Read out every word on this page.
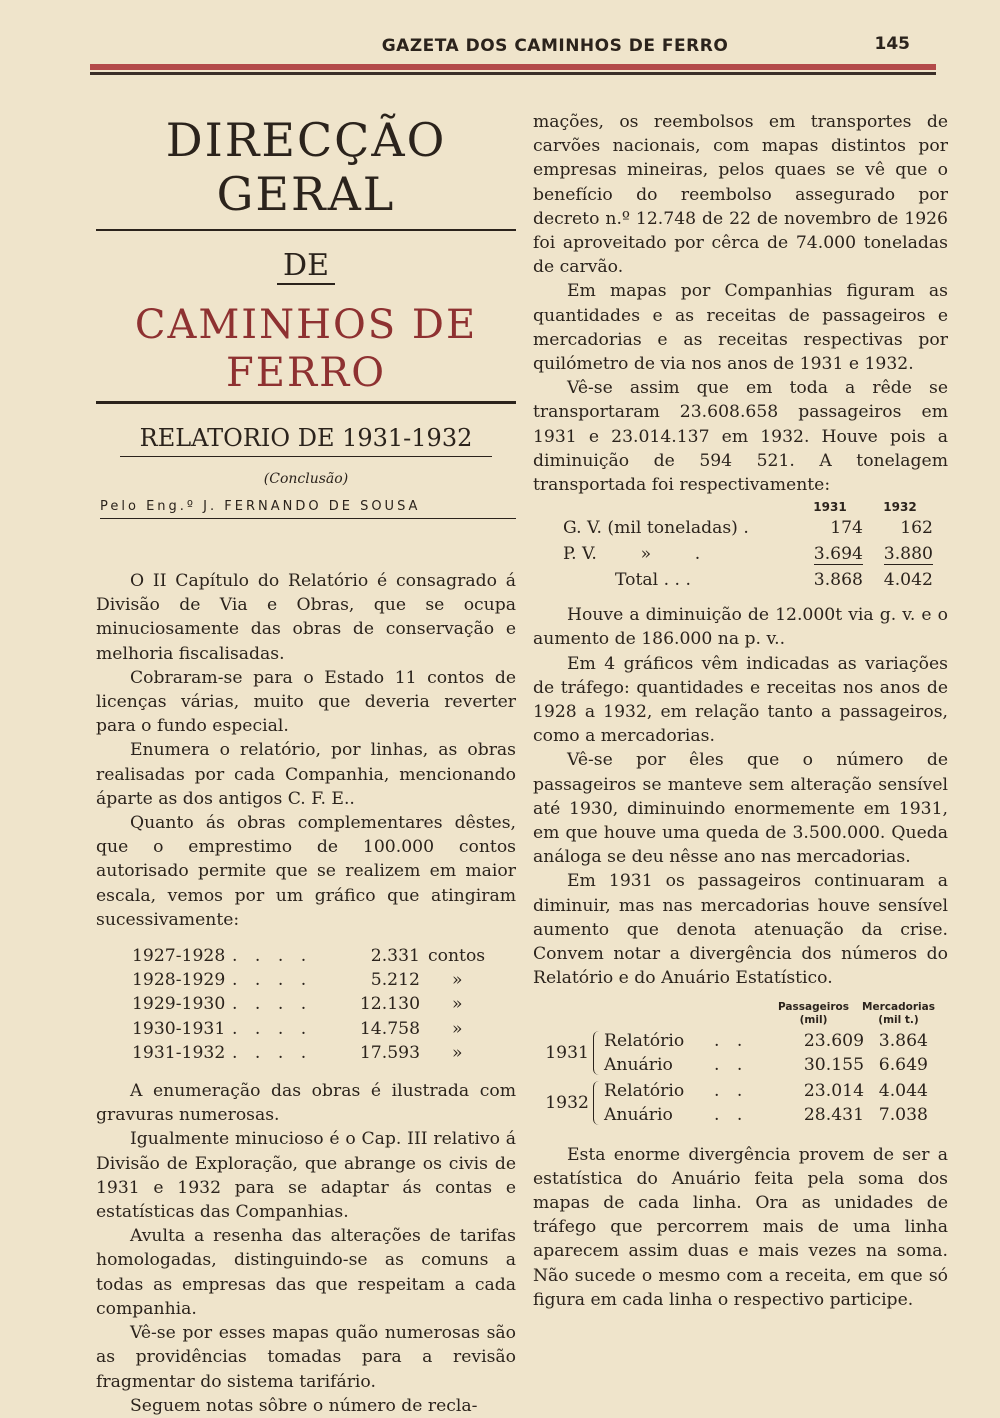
GAZETA DOS CAMINHOS DE FERRO	145
DIRECÇÃO GERAL
DE
CAMINHOS DE FERRO
RELATORIO DE 1931-1932
(Conclusão)
Pelo Eng.º J. FERNANDO DE SOUSA

O II Capítulo do Relatório é consagrado á Divisão de Via e Obras, que se ocupa minuciosamente das obras de conservação e melhoria fiscalisadas.

Cobraram-se para o Estado 11 contos de licenças várias, muito que deveria reverter para o fundo especial.

Enumera o relatório, por linhas, as obras realisadas por cada Companhia, mencionando áparte as dos antigos C. F. E..

Quanto ás obras complementares dêstes, que o emprestimo de 100.000 contos autorisado permite que se realizem em maior escala, vemos por um gráfico que atingiram sucessivamente:

1927-1928 . . . .	2.331 contos
1928-1929 . . . .	5.212	»
1929-1930 . . . .	12.130	»
1930-1931 . . . .	14.758	»
1931-1932 . . . .	17.593	»

A enumeração das obras é ilustrada com gravuras numerosas.

Igualmente minucioso é o Cap. III relativo á Divisão de Exploração, que abrange os civis de 1931 e 1932 para se adaptar ás contas e estatísticas das Companhias.

Avulta a resenha das alterações de tarifas homologadas, distinguindo-se as comuns a todas as empresas das que respeitam a cada companhia.

Vê-se por esses mapas quão numerosas são as providências tomadas para a revisão fragmentar do sistema tarifário.

Seguem notas sôbre o número de recla-

mações, os reembolsos em transportes de carvões nacionais, com mapas distintos por empresas mineiras, pelos quaes se vê que o benefício do reembolso assegurado por decreto n.º 12.748 de 22 de novembro de 1926 foi aproveitado por cêrca de 74.000 toneladas de carvão.

Em mapas por Companhias figuram as quantidades e as receitas de passageiros e mercadorias e as receitas respectivas por quilómetro de via nos anos de 1931 e 1932.

Vê-se assim que em toda a rêde se transportaram 23.608.658 passageiros em 1931 e 23.014.137 em 1932. Houve pois a diminuição de 594 521. A tonelagem transportada foi respectivamente:

1931	1932
G. V. (mil toneladas) .	174	162
P. V.        »        .	3.694	3.880
Total . . .	3.868	4.042

Houve a diminuição de 12.000t via g. v. e o aumento de 186.000 na p. v..

Em 4 gráficos vêm indicadas as variações de tráfego: quantidades e receitas nos anos de 1928 a 1932, em relação tanto a passageiros, como a mercadorias.

Vê-se por êles que o número de passageiros se manteve sem alteração sensível até 1930, diminuindo enormemente em 1931, em que houve uma queda de 3.500.000. Queda análoga se deu nêsse ano nas mercadorias.

Em 1931 os passageiros continuaram a diminuir, mas nas mercadorias houve sensível aumento que denota atenuação da crise. Convem notar a divergência dos números do Relatório e do Anuário Estatístico.

Passageiros
(mil)
Mercadorias
(mil t.)
1931
Relatório	. .	23.609 3.864
Anuário	. .	30.155 6.649
1932
Relatório	. .	23.014 4.044
Anuário	. .	28.431 7.038

Esta enorme divergência provem de ser a estatística do Anuário feita pela soma dos mapas de cada linha. Ora as unidades de tráfego que percorrem mais de uma linha aparecem assim duas e mais vezes na soma. Não sucede o mesmo com a receita, em que só figura em cada linha o respectivo participe.
